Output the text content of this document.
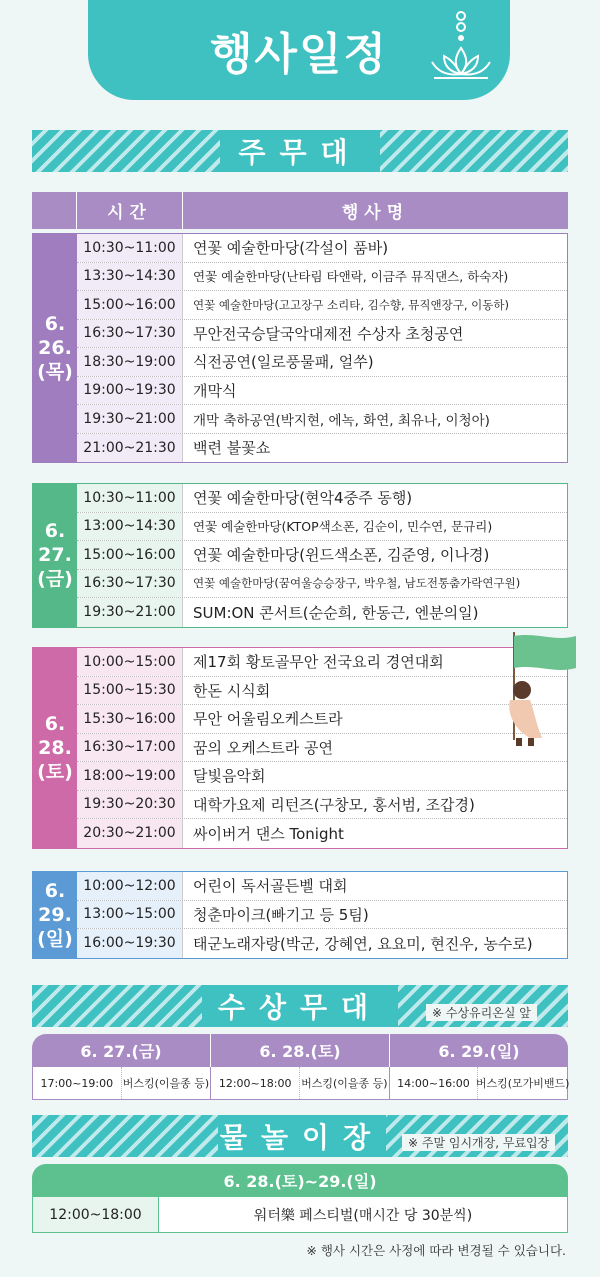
행사일정
주무대
시간	행사명
6.
26.
(목)
10:30~11:00	연꽃 예술한마당(각설이 품바)
13:30~14:30	연꽃 예술한마당(난타림 타앤락, 이금주 뮤직댄스, 하숙자)
15:00~16:00	연꽃 예술한마당(고고장구 소리타, 김수향, 뮤직앤장구, 이동하)
16:30~17:30	무안전국승달국악대제전 수상자 초청공연
18:30~19:00	식전공연(일로풍물패, 얼쑤)
19:00~19:30	개막식
19:30~21:00	개막 축하공연(박지현, 에녹, 화연, 최유나, 이청아)
21:00~21:30	백련 불꽃쇼
6.
27.
(금)
10:30~11:00	연꽃 예술한마당(현악4중주 동행)
13:00~14:30	연꽃 예술한마당(KTOP색소폰, 김순이, 민수연, 문규리)
15:00~16:00	연꽃 예술한마당(윈드색소폰, 김준영, 이나경)
16:30~17:30	연꽃 예술한마당(꿈여울승승장구, 박우철, 남도전통춤가락연구원)
19:30~21:00	SUM:ON 콘서트(순순희, 한동근, 엔분의일)
6.
28.
(토)
10:00~15:00	제17회 황토골무안 전국요리 경연대회
15:00~15:30	한돈 시식회
15:30~16:00	무안 어울림오케스트라
16:30~17:00	꿈의 오케스트라 공연
18:00~19:00	달빛음악회
19:30~20:30	대학가요제 리턴즈(구창모, 홍서범, 조갑경)
20:30~21:00	싸이버거 댄스 Tonight
6.
29.
(일)
10:00~12:00	어린이 독서골든벨 대회
13:00~15:00	청춘마이크(빠기고 등 5팀)
16:00~19:30	태군노래자랑(박군, 강혜연, 요요미, 현진우, 농수로)
수상무대	※ 수상유리온실 앞
6. 27.(금)	6. 28.(토)	6. 29.(일)
17:00~19:00 버스킹(이을종 등) 12:00~18:00 버스킹(이을종 등) 14:00~16:00 버스킹(모가비밴드)
물놀이장	※ 주말 임시개장, 무료입장
6. 28.(토)~29.(일)
12:00~18:00	워터樂 페스티벌(매시간 당 30분씩)
※ 행사 시간은 사정에 따라 변경될 수 있습니다.
